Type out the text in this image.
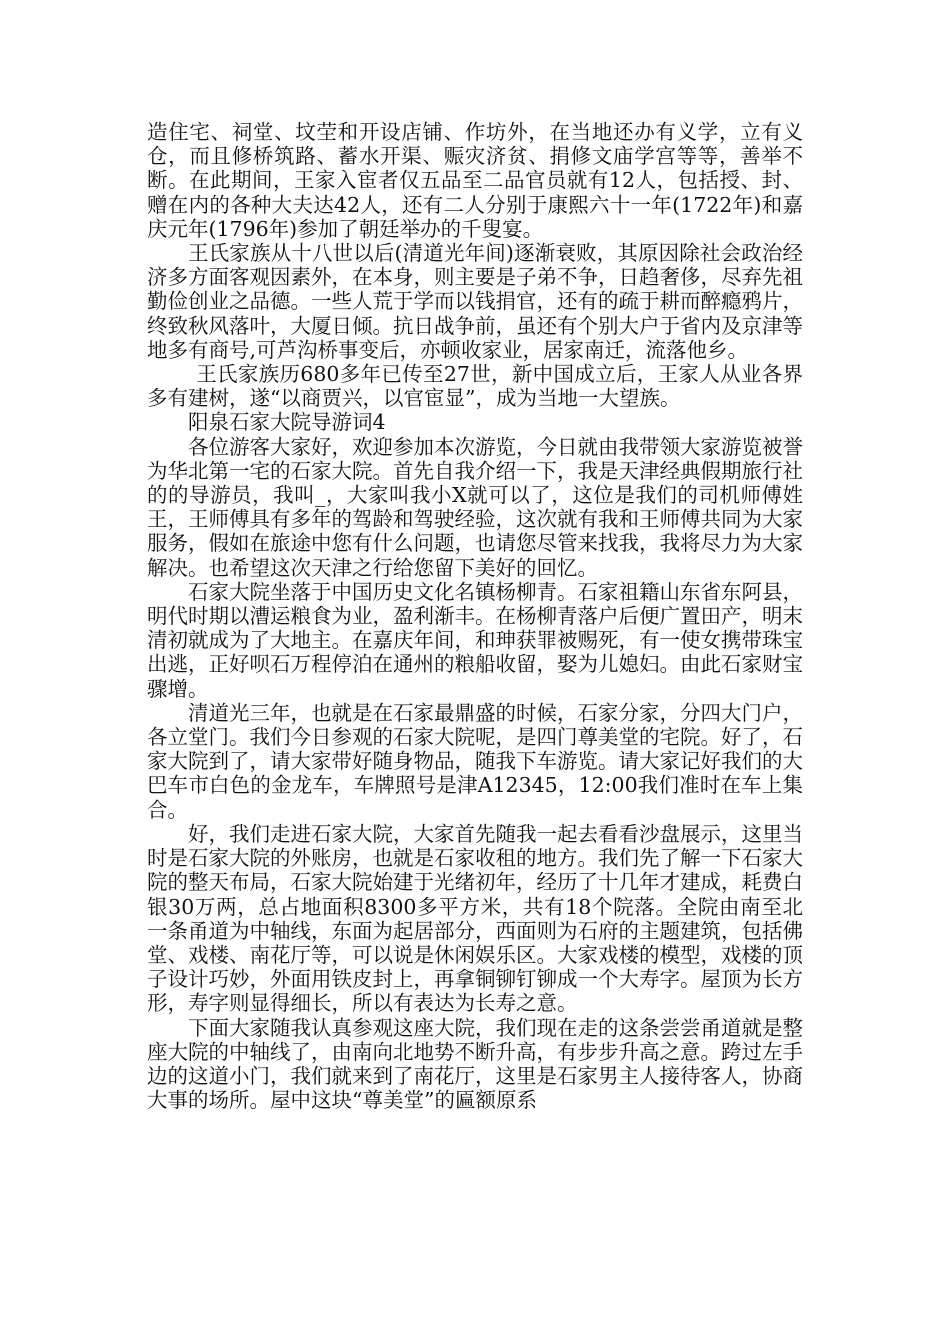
造住宅、祠堂、坟茔和开设店铺、作坊外，在当地还办有义学，立有义仓，而且修桥筑路、蓄水开渠、赈灾济贫、捐修文庙学宫等等，善举不断。在此期间，王家入宦者仅五品至二品官员就有12人，包括授、封、赠在内的各种大夫达42人，还有二人分别于康熙六十一年(1722年)和嘉庆元年(1796年)参加了朝廷举办的千叟宴。

王氏家族从十八世以后(清道光年间)逐渐衰败，其原因除社会政治经济多方面客观因素外，在本身，则主要是子弟不争，日趋奢侈，尽弃先祖勤俭创业之品德。一些人荒于学而以钱捐官，还有的疏于耕而醉瘾鸦片，终致秋风落叶，大厦日倾。抗日战争前，虽还有个别大户于省内及京津等地多有商号,可芦沟桥事变后，亦顿收家业，居家南迁，流落他乡。

王氏家族历680多年已传至27世，新中国成立后，王家人从业各界多有建树，遂“以商贾兴，以官宦显”，成为当地一大望族。

阳泉石家大院导游词4

各位游客大家好，欢迎参加本次游览，今日就由我带领大家游览被誉为华北第一宅的石家大院。首先自我介绍一下，我是天津经典假期旅行社的的导游员，我叫_，大家叫我小X就可以了，这位是我们的司机师傅姓王，王师傅具有多年的驾龄和驾驶经验，这次就有我和王师傅共同为大家服务，假如在旅途中您有什么问题，也请您尽管来找我，我将尽力为大家解决。也希望这次天津之行给您留下美好的回忆。

石家大院坐落于中国历史文化名镇杨柳青。石家祖籍山东省东阿县，明代时期以漕运粮食为业，盈利渐丰。在杨柳青落户后便广置田产，明末清初就成为了大地主。在嘉庆年间，和珅获罪被赐死，有一使女携带珠宝出逃，正好呗石万程停泊在通州的粮船收留，娶为儿媳妇。由此石家财宝骤增。

清道光三年，也就是在石家最鼎盛的时候，石家分家，分四大门户，各立堂门。我们今日参观的石家大院呢，是四门尊美堂的宅院。好了，石家大院到了，请大家带好随身物品，随我下车游览。请大家记好我们的大巴车市白色的金龙车，车牌照号是津A12345，12:00我们准时在车上集合。

好，我们走进石家大院，大家首先随我一起去看看沙盘展示，这里当时是石家大院的外账房，也就是石家收租的地方。我们先了解一下石家大院的整天布局，石家大院始建于光绪初年，经历了十几年才建成，耗费白银30万两，总占地面积8300多平方米，共有18个院落。全院由南至北一条甬道为中轴线，东面为起居部分，西面则为石府的主题建筑，包括佛堂、戏楼、南花厅等，可以说是休闲娱乐区。大家戏楼的模型，戏楼的顶子设计巧妙，外面用铁皮封上，再拿铜铆钉铆成一个大寿字。屋顶为长方形，寿字则显得细长，所以有表达为长寿之意。

下面大家随我认真参观这座大院，我们现在走的这条尝尝甬道就是整座大院的中轴线了，由南向北地势不断升高，有步步升高之意。跨过左手边的这道小门，我们就来到了南花厅，这里是石家男主人接待客人，协商大事的场所。屋中这块“尊美堂”的匾额原系
